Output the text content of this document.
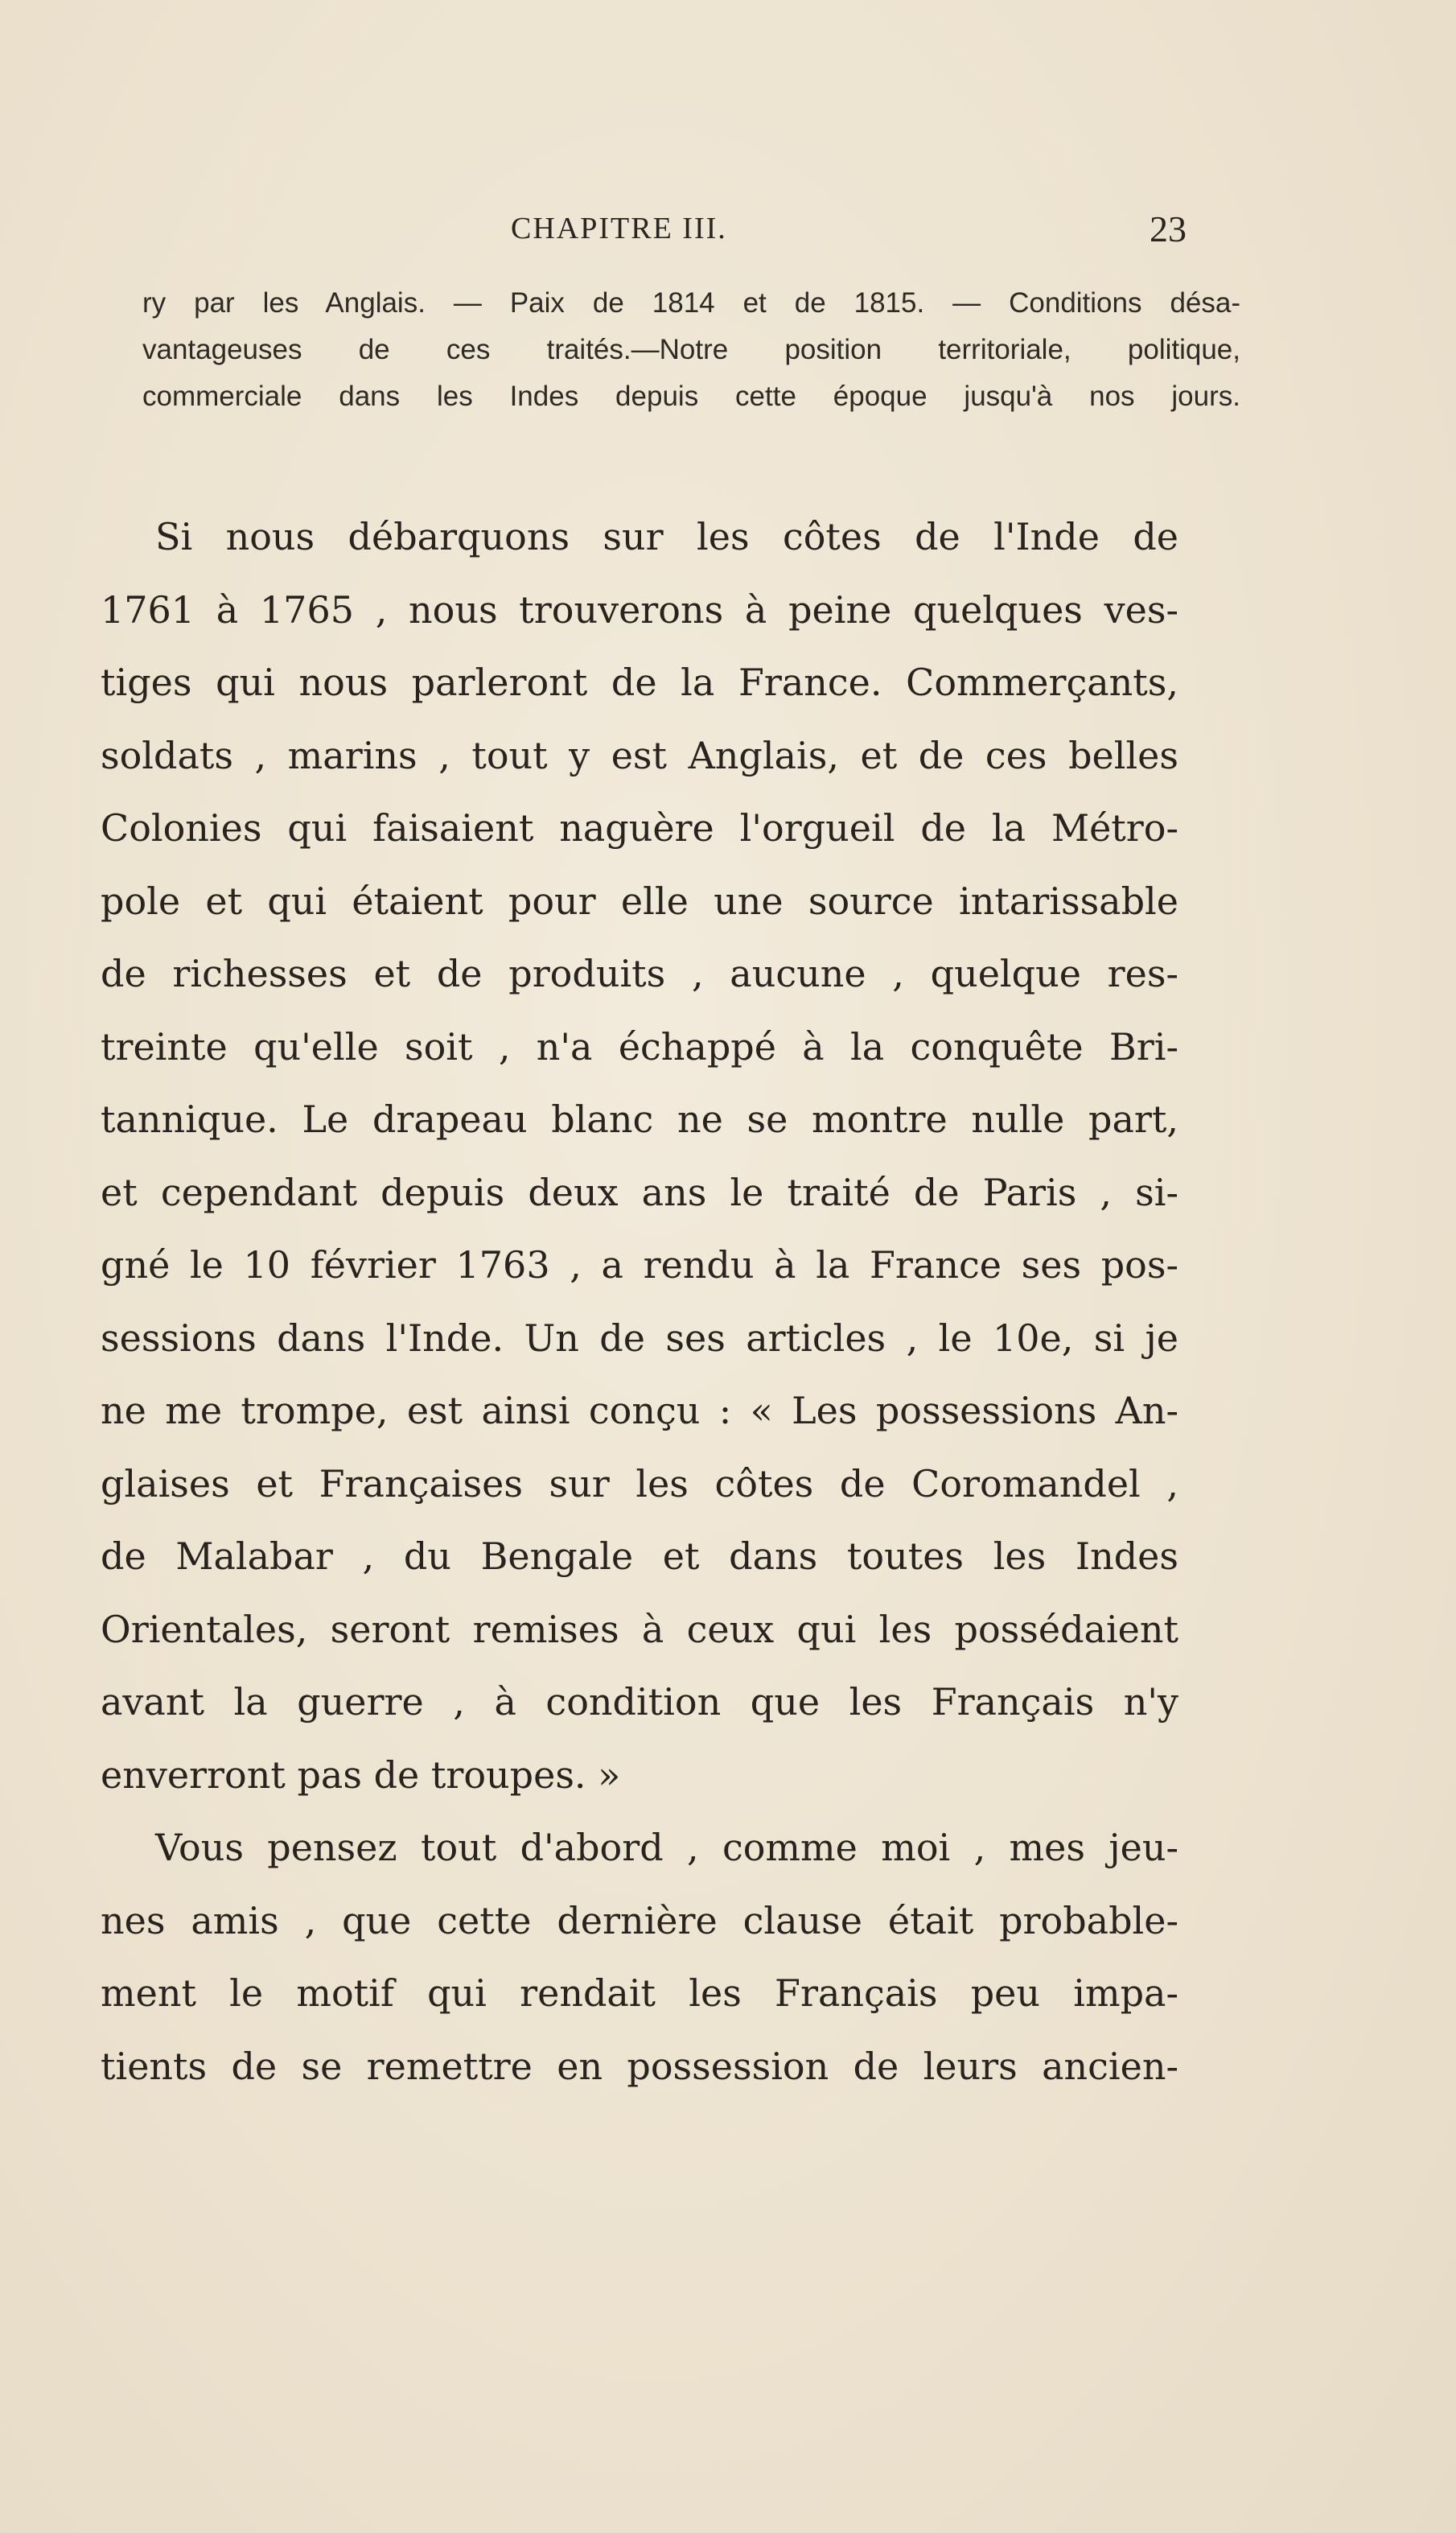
CHAPITRE III.	23
ry par les Anglais. — Paix de 1814 et de 1815. — Conditions désa-
vantageuses de ces traités.—Notre position territoriale, politique,
commerciale dans les Indes depuis cette époque jusqu'à nos jours.
Si nous débarquons sur les côtes de l'Inde de
1761 à 1765 , nous trouverons à peine quelques ves-
tiges qui nous parleront de la France. Commerçants,
soldats , marins , tout y est Anglais, et de ces belles
Colonies qui faisaient naguère l'orgueil de la Métro-
pole et qui étaient pour elle une source intarissable
de richesses et de produits , aucune , quelque res-
treinte qu'elle soit , n'a échappé à la conquête Bri-
tannique. Le drapeau blanc ne se montre nulle part,
et cependant depuis deux ans le traité de Paris , si-
gné le 10 février 1763 , a rendu à la France ses pos-
sessions dans l'Inde. Un de ses articles , le 10e, si je
ne me trompe, est ainsi conçu : « Les possessions An-
glaises et Françaises sur les côtes de Coromandel ,
de Malabar , du Bengale et dans toutes les Indes
Orientales, seront remises à ceux qui les possédaient
avant la guerre , à condition que les Français n'y
enverront pas de troupes. »
Vous pensez tout d'abord , comme moi , mes jeu-
nes amis , que cette dernière clause était probable-
ment le motif qui rendait les Français peu impa-
tients de se remettre en possession de leurs ancien-
